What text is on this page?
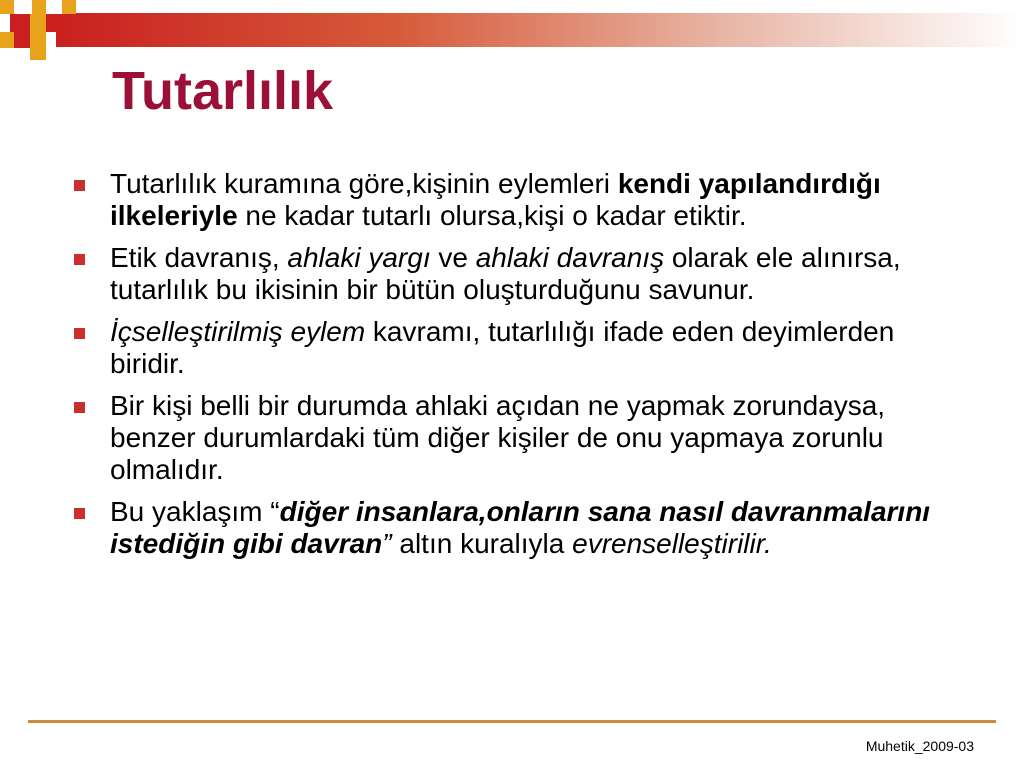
Tutarlılık
Tutarlılık kuramına göre,kişinin eylemleri kendi yapılandırdığı ilkeleriyle ne kadar tutarlı olursa,kişi o kadar etiktir.
Etik davranış, ahlaki yargı ve ahlaki davranış olarak ele alınırsa, tutarlılık bu ikisinin bir bütün oluşturduğunu savunur.
İçselleştirilmiş eylem kavramı, tutarlılığı ifade eden deyimlerden biridir.
Bir kişi belli bir durumda ahlaki açıdan ne yapmak zorundaysa, benzer durumlardaki tüm diğer kişiler de onu yapmaya zorunlu olmalıdır.
Bu yaklaşım “diğer insanlara,onların sana nasıl davranmalarını istediğin gibi davran” altın kuralıyla evrenselleştirilir.
Muhetik_2009-03
